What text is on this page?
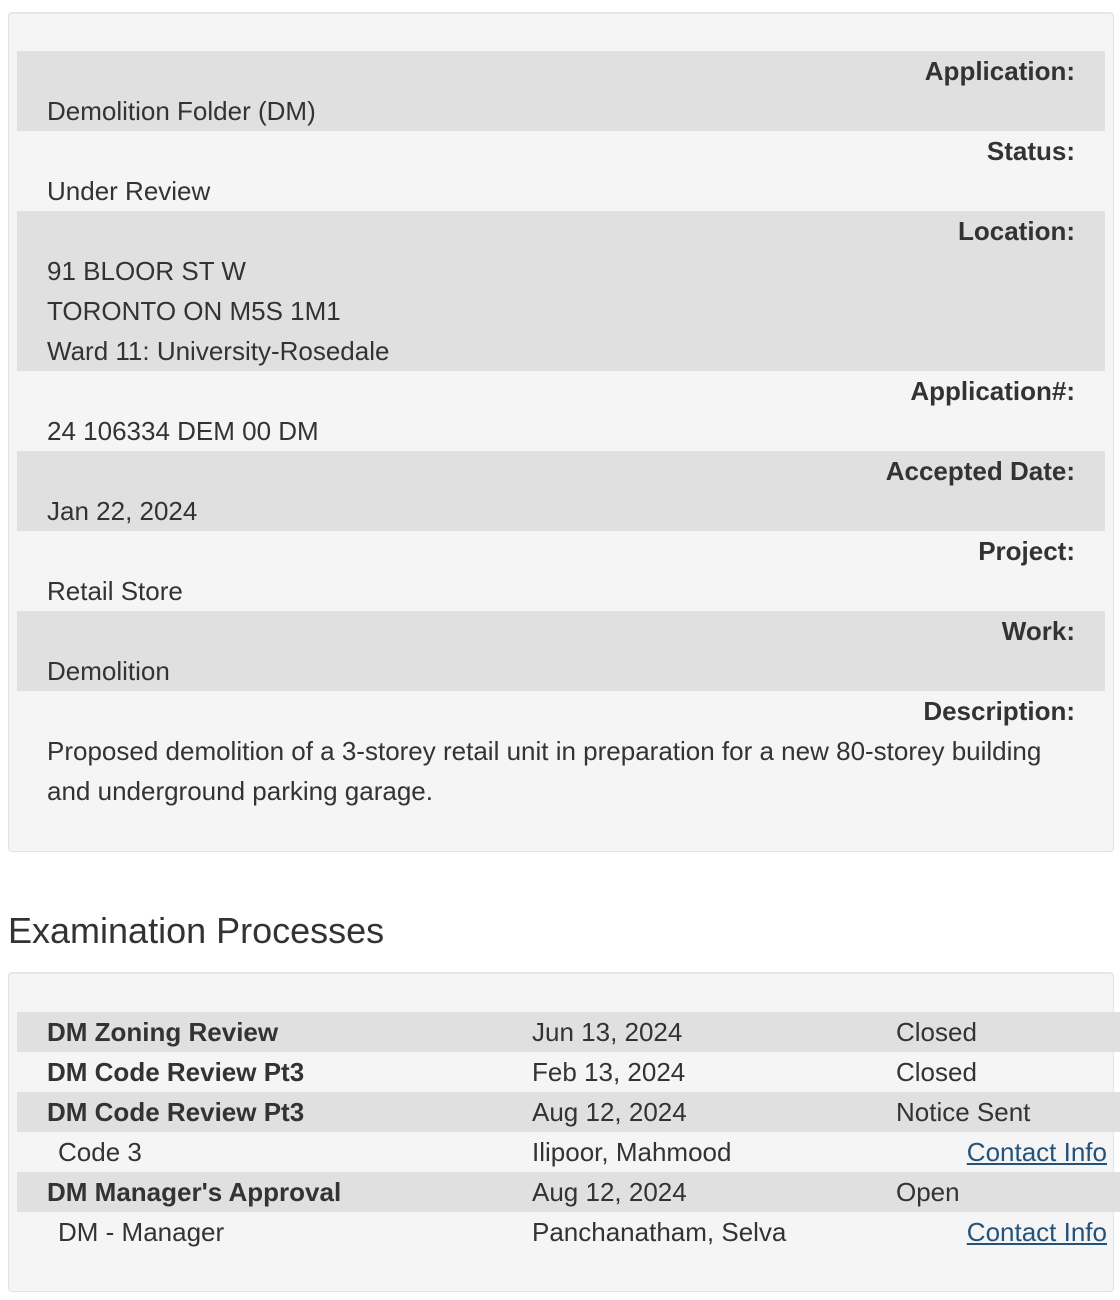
Application:
Demolition Folder (DM)
Status:
Under Review
Location:
91 BLOOR ST W
TORONTO ON M5S 1M1
Ward 11: University-Rosedale
Application#:
24 106334 DEM 00 DM
Accepted Date:
Jan 22, 2024
Project:
Retail Store
Work:
Demolition
Description:
Proposed demolition of a 3-storey retail unit in preparation for a new 80-storey building and underground parking garage.
Examination Processes
DM Zoning Review	Jun 13, 2024	Closed
DM Code Review Pt3	Feb 13, 2024	Closed
DM Code Review Pt3	Aug 12, 2024	Notice Sent
Code 3	Ilipoor, Mahmood	Contact Info
DM Manager's Approval	Aug 12, 2024	Open
DM - Manager	Panchanatham, Selva	Contact Info
